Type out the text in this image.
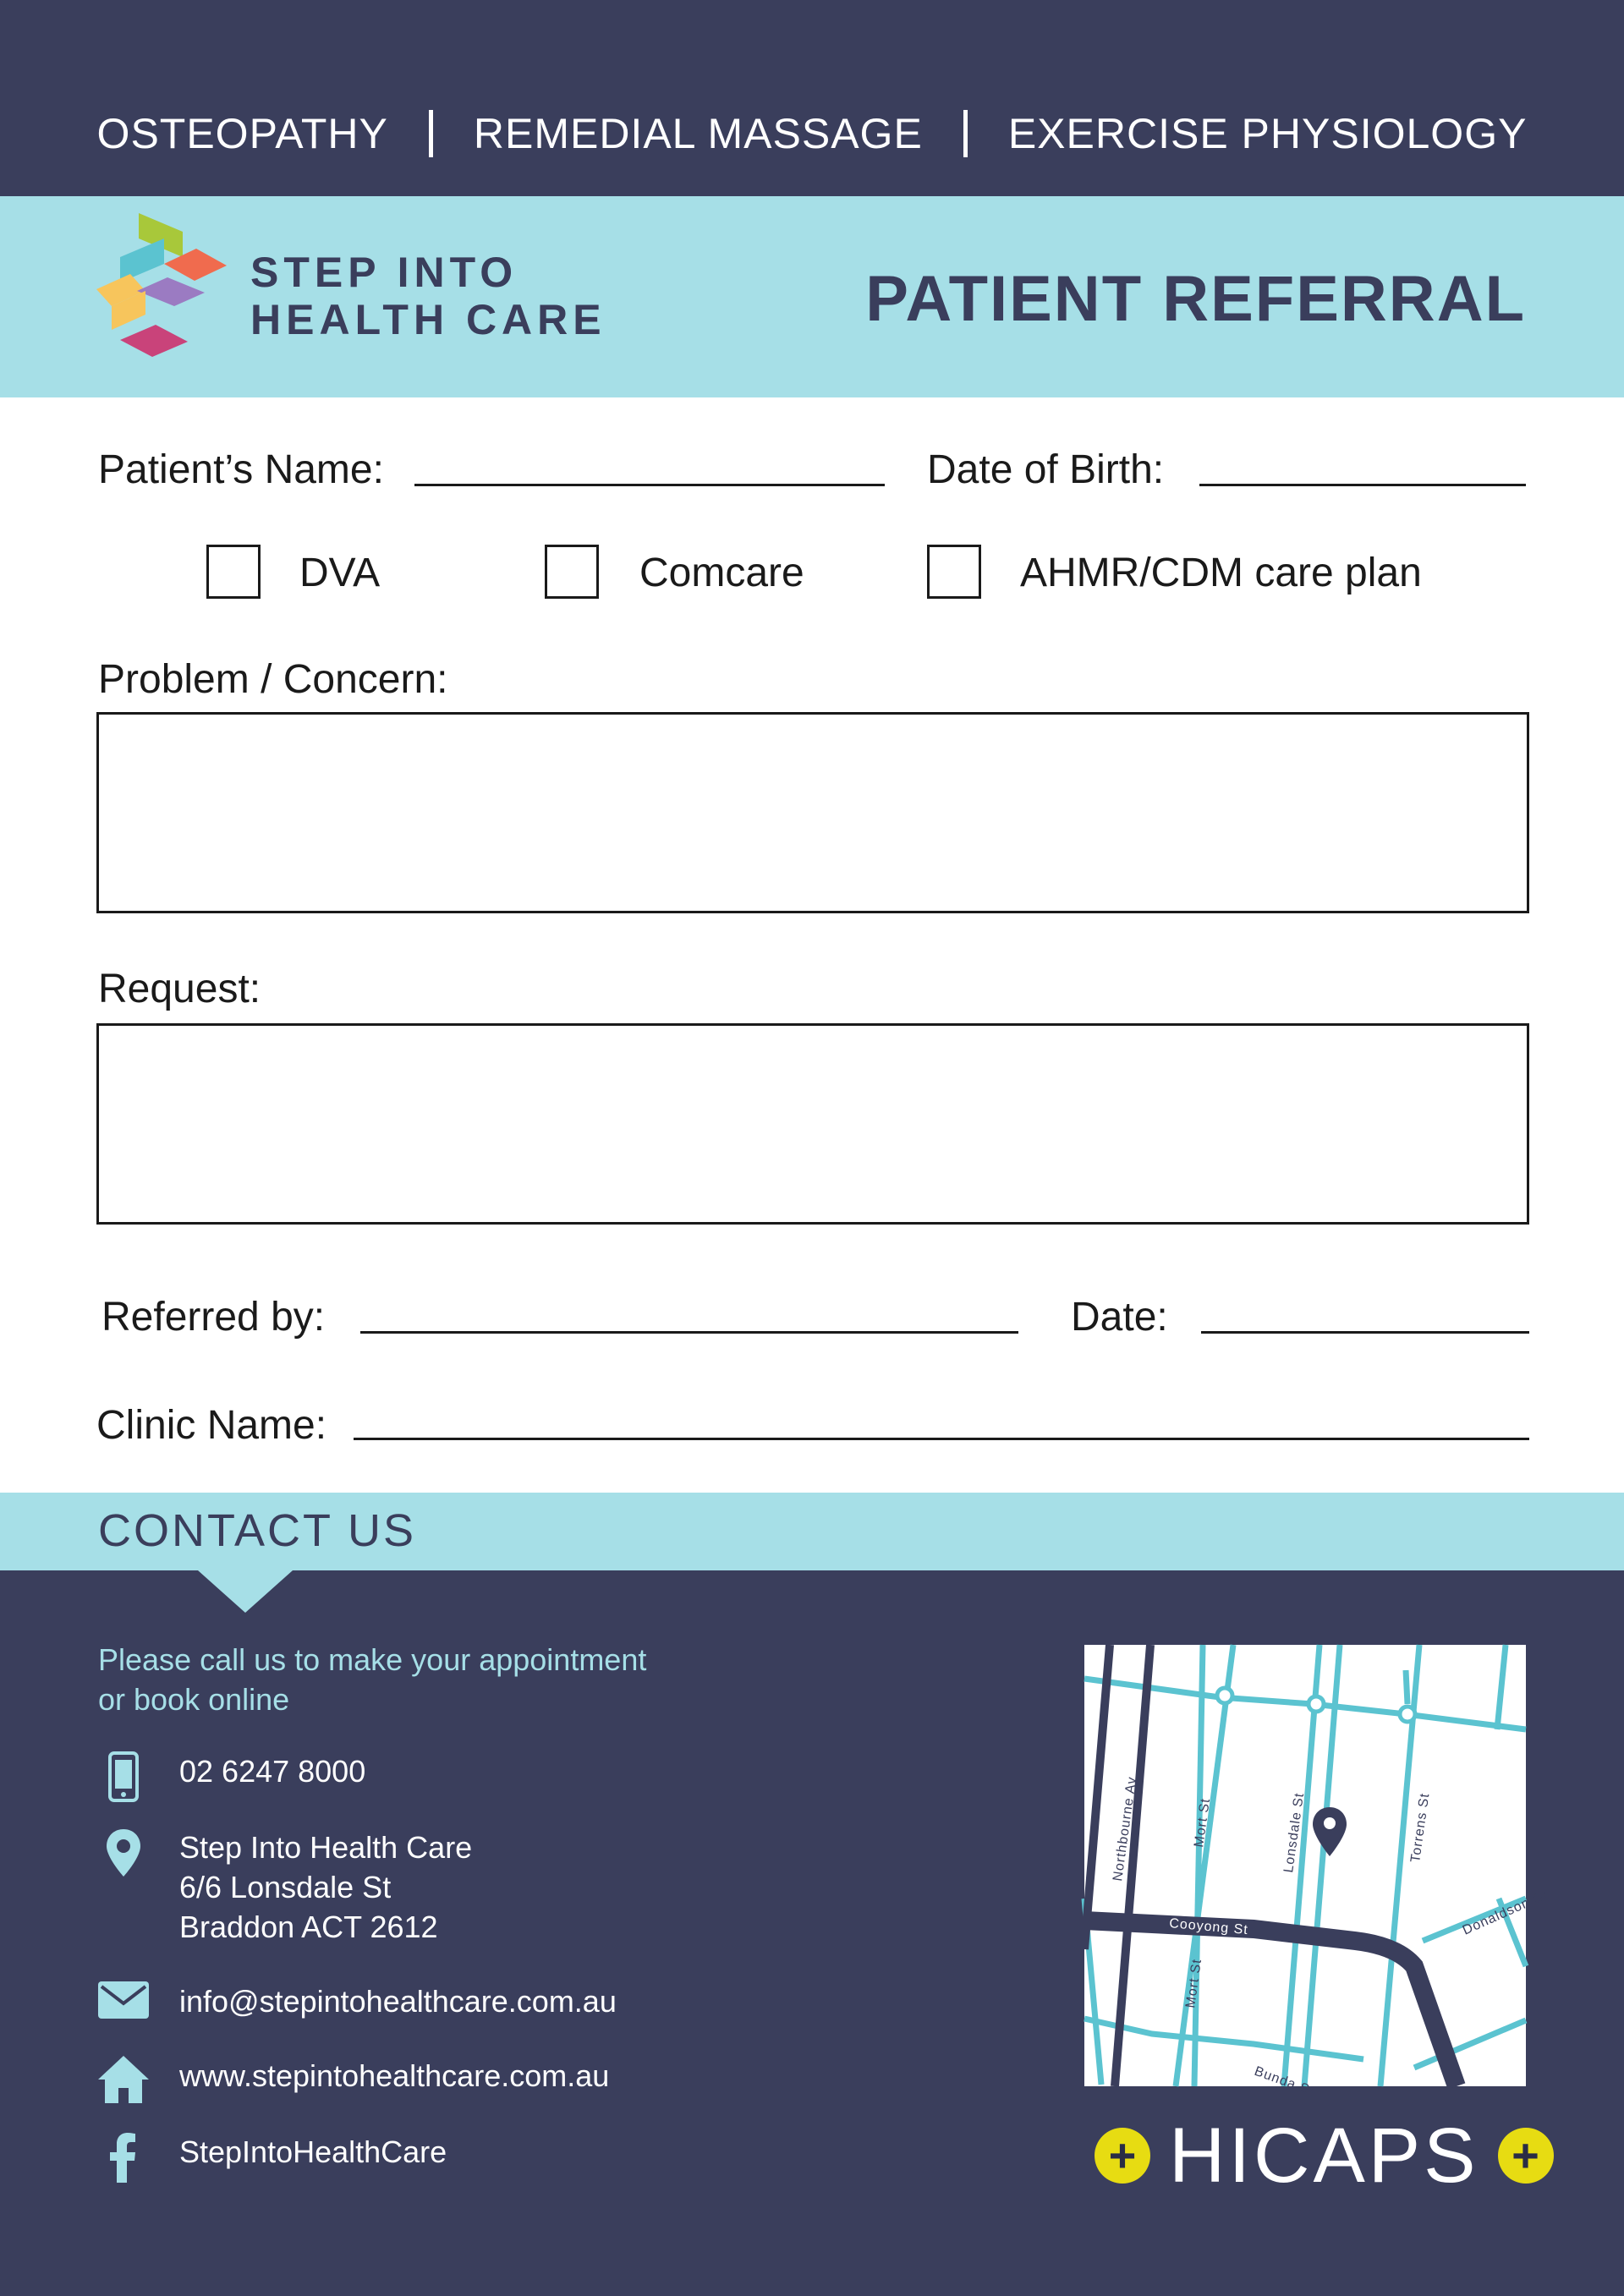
OSTEOPATHY REMEDIAL MASSAGE EXERCISE PHYSIOLOGY
STEP INTO
HEALTH CARE	PATIENT REFERRAL
Patient’s Name:	Date of Birth:
DVA	Comcare	AHMR/CDM care plan
Problem / Concern:
Request:
Referred by:	Date:
Clinic Name:
CONTACT US
Please call us to make your appointment
or book online
02 6247 8000
Step Into Health Care
6/6 Lonsdale St
Braddon ACT 2612
info@stepintohealthcare.com.au
www.stepintohealthcare.com.au
StepIntoHealthCare
Northbourne Av	Mort St	Lonsdale St	Torrens St
Donaldson St
Mort St
Bunda St
Cooyong St
+ HICAPS +
